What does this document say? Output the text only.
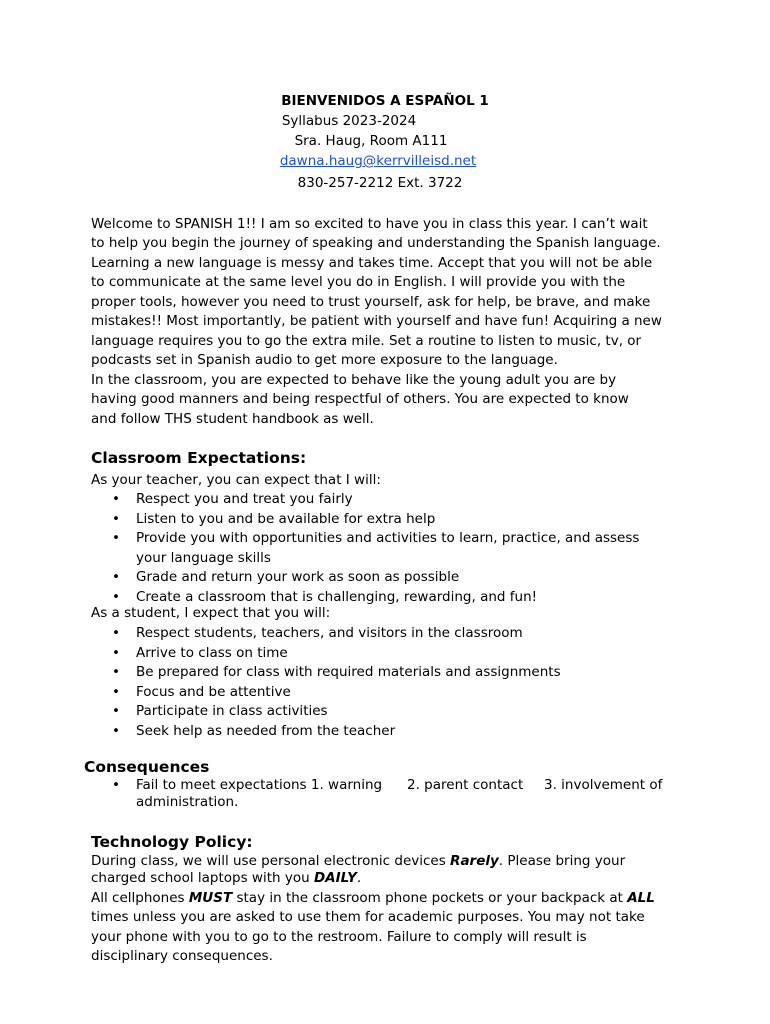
BIENVENIDOS A ESPAÑOL 1
Syllabus 2023-2024
Sra. Haug, Room A111
dawna.haug@kerrvilleisd.net
830-257-2212 Ext. 3722
Welcome to SPANISH 1!! I am so excited to have you in class this year. I can’t wait
to help you begin the journey of speaking and understanding the Spanish language.
Learning a new language is messy and takes time. Accept that you will not be able
to communicate at the same level you do in English. I will provide you with the
proper tools, however you need to trust yourself, ask for help, be brave, and make
mistakes!! Most importantly, be patient with yourself and have fun! Acquiring a new
language requires you to go the extra mile. Set a routine to listen to music, tv, or
podcasts set in Spanish audio to get more exposure to the language.
In the classroom, you are expected to behave like the young adult you are by
having good manners and being respectful of others. You are expected to know
and follow THS student handbook as well.
Classroom Expectations:
As your teacher, you can expect that I will:
• Respect you and treat you fairly
• Listen to you and be available for extra help
• Provide you with opportunities and activities to learn, practice, and assess
your language skills
• Grade and return your work as soon as possible
• Create a classroom that is challenging, rewarding, and fun!
As a student, I expect that you will:
• Respect students, teachers, and visitors in the classroom
• Arrive to class on time
• Be prepared for class with required materials and assignments
• Focus and be attentive
• Participate in class activities
• Seek help as needed from the teacher
Consequences
• Fail to meet expectations 1. warning 2. parent contact 3. involvement of
administration.
Technology Policy:
During class, we will use personal electronic devices Rarely. Please bring your
charged school laptops with you DAILY.
All cellphones MUST stay in the classroom phone pockets or your backpack at ALL
times unless you are asked to use them for academic purposes. You may not take
your phone with you to go to the restroom. Failure to comply will result is
disciplinary consequences.
